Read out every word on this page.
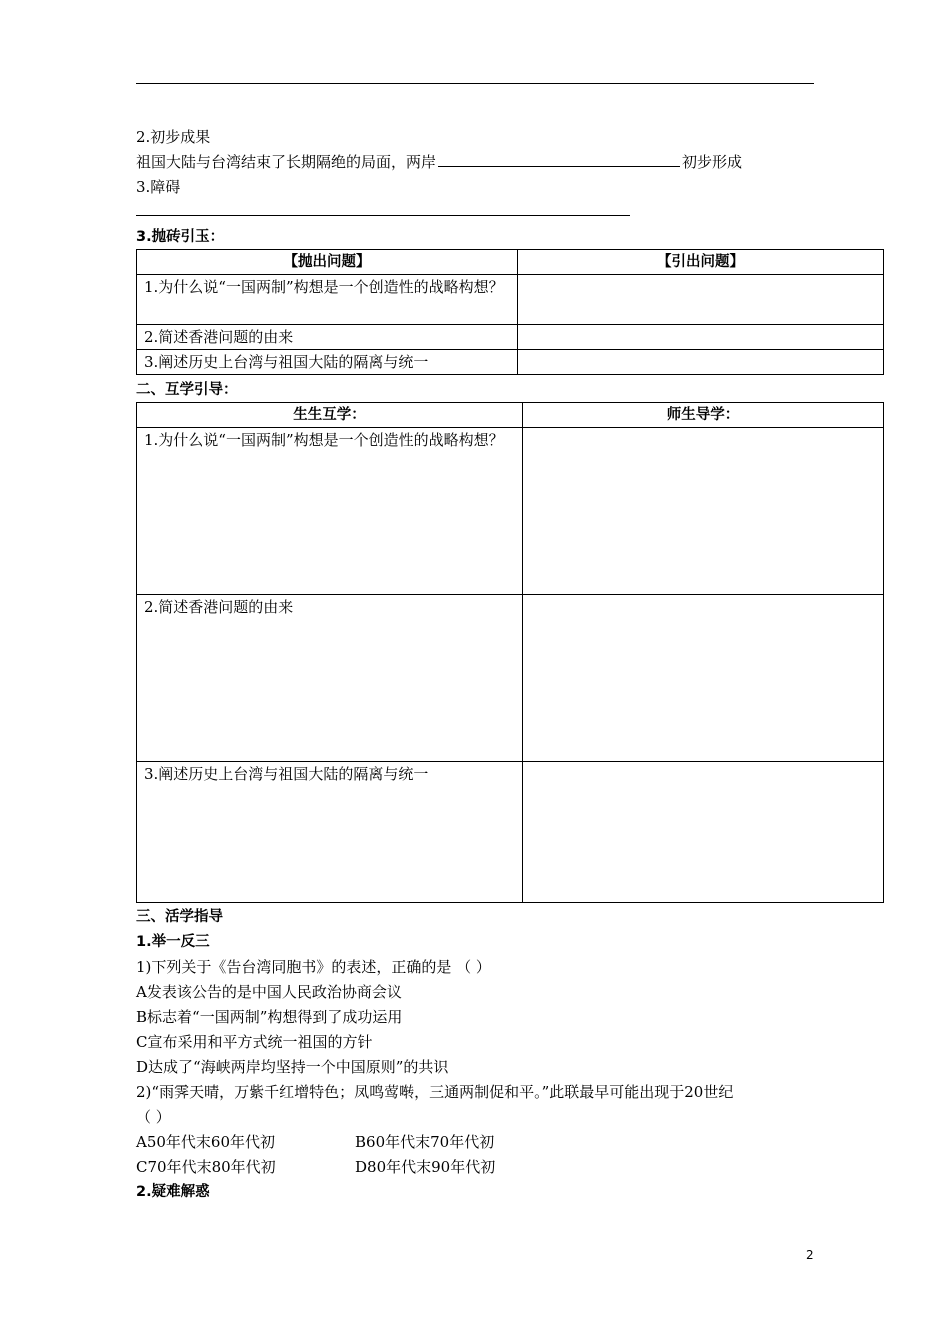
2.初步成果
祖国大陆与台湾结束了长期隔绝的局面，两岸	初步形成
3.障碍
3.抛砖引玉：
【抛出问题】	【引出问题】
1.为什么说“一国两制”构想是一个创造性的战略构想？	
2.简述香港问题的由来	
3.阐述历史上台湾与祖国大陆的隔离与统一	
二、互学引导：
生生互学：	师生导学：
1.为什么说“一国两制”构想是一个创造性的战略构想？	
2.简述香港问题的由来	
3.阐述历史上台湾与祖国大陆的隔离与统一	
三、活学指导
1.举一反三
1)下列关于《告台湾同胞书》的表述，正确的是 （ ）
A发表该公告的是中国人民政治协商会议
B标志着“一国两制”构想得到了成功运用
C宣布采用和平方式统一祖国的方针
D达成了“海峡两岸均坚持一个中国原则”的共识
2)“雨霁天晴，万紫千红增特色；凤鸣莺啭，三通两制促和平。”此联最早可能出现于20世纪
（ ）
A50年代末60年代初	B60年代末70年代初
C70年代末80年代初	D80年代末90年代初
2.疑难解惑
2
